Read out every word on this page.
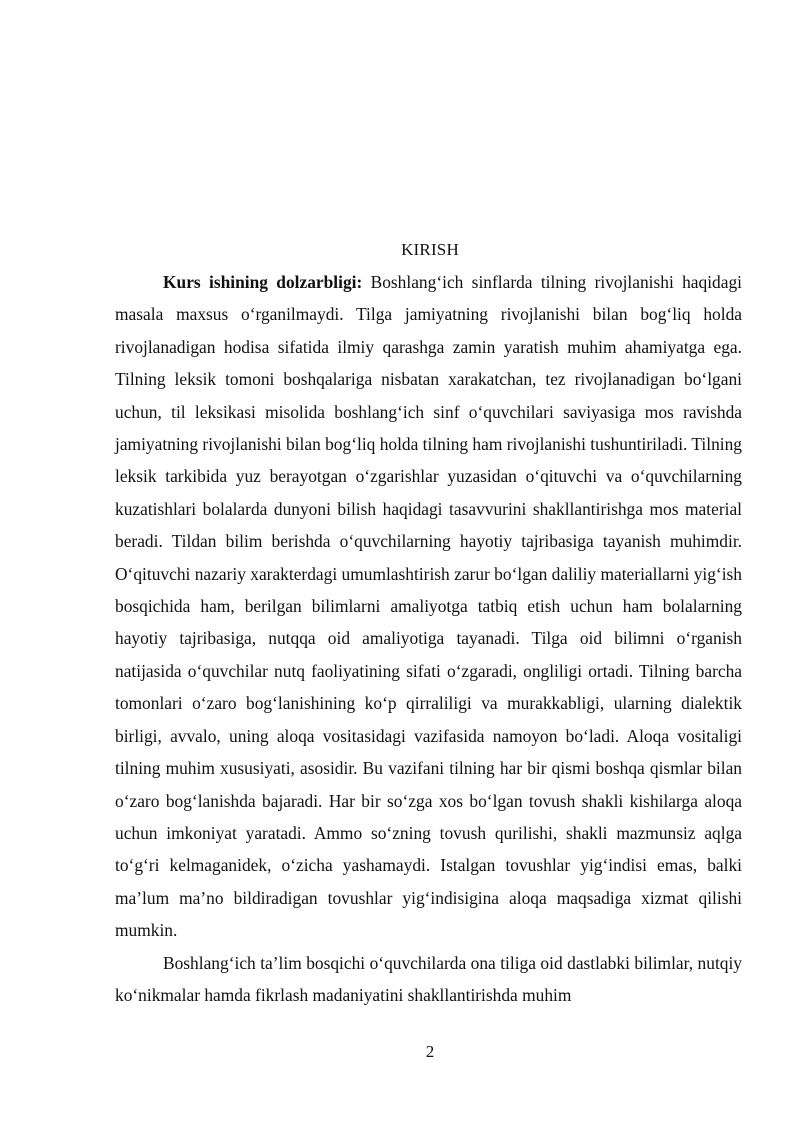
KIRISH

Kurs ishining dolzarbligi: Boshlang‘ich sinflarda tilning rivojlanishi haqidagi masala maxsus o‘rganilmaydi. Tilga jamiyatning rivojlanishi bilan bog‘liq holda rivojlanadigan hodisa sifatida ilmiy qarashga zamin yaratish muhim ahamiyatga ega. Tilning leksik tomoni boshqalariga nisbatan xarakatchan, tez rivojlanadigan bo‘lgani uchun, til leksikasi misolida boshlang‘ich sinf o‘quvchilari saviyasiga mos ravishda jamiyatning rivojlanishi bilan bog‘liq holda tilning ham rivojlanishi tushuntiriladi. Tilning leksik tarkibida yuz berayotgan o‘zgarishlar yuzasidan o‘qituvchi va o‘quvchilarning kuzatishlari bolalarda dunyoni bilish haqidagi tasavvurini shakllantirishga mos material beradi. Tildan bilim berishda o‘quvchilarning hayotiy tajribasiga tayanish muhimdir. O‘qituvchi nazariy xarakterdagi umumlashtirish zarur bo‘lgan daliliy materiallarni yig‘ish bosqichida ham, berilgan bilimlarni amaliyotga tatbiq etish uchun ham bolalarning hayotiy tajribasiga, nutqqa oid amaliyotiga tayanadi. Tilga oid bilimni o‘rganish natijasida o‘quvchilar nutq faoliyatining sifati o‘zgaradi, ongliligi ortadi. Tilning barcha tomonlari o‘zaro bog‘lanishining ko‘p qirraliligi va murakkabligi, ularning dialektik birligi, avvalo, uning aloqa vositasidagi vazifasida namoyon bo‘ladi. Aloqa vositaligi tilning muhim xususiyati, asosidir. Bu vazifani tilning har bir qismi boshqa qismlar bilan o‘zaro bog‘lanishda bajaradi. Har bir so‘zga xos bo‘lgan tovush shakli kishilarga aloqa uchun imkoniyat yaratadi. Ammo so‘zning tovush qurilishi, shakli mazmunsiz aqlga to‘g‘ri kelmaganidek, o‘zicha yashamaydi. Istalgan tovushlar yig‘indisi emas, balki ma’lum ma’no bildiradigan tovushlar yig‘indisigina aloqa maqsadiga xizmat qilishi mumkin.

Boshlang‘ich ta’lim bosqichi o‘quvchilarda ona tiliga oid dastlabki bilimlar, nutqiy ko‘nikmalar hamda fikrlash madaniyatini shakllantirishda muhim

2
